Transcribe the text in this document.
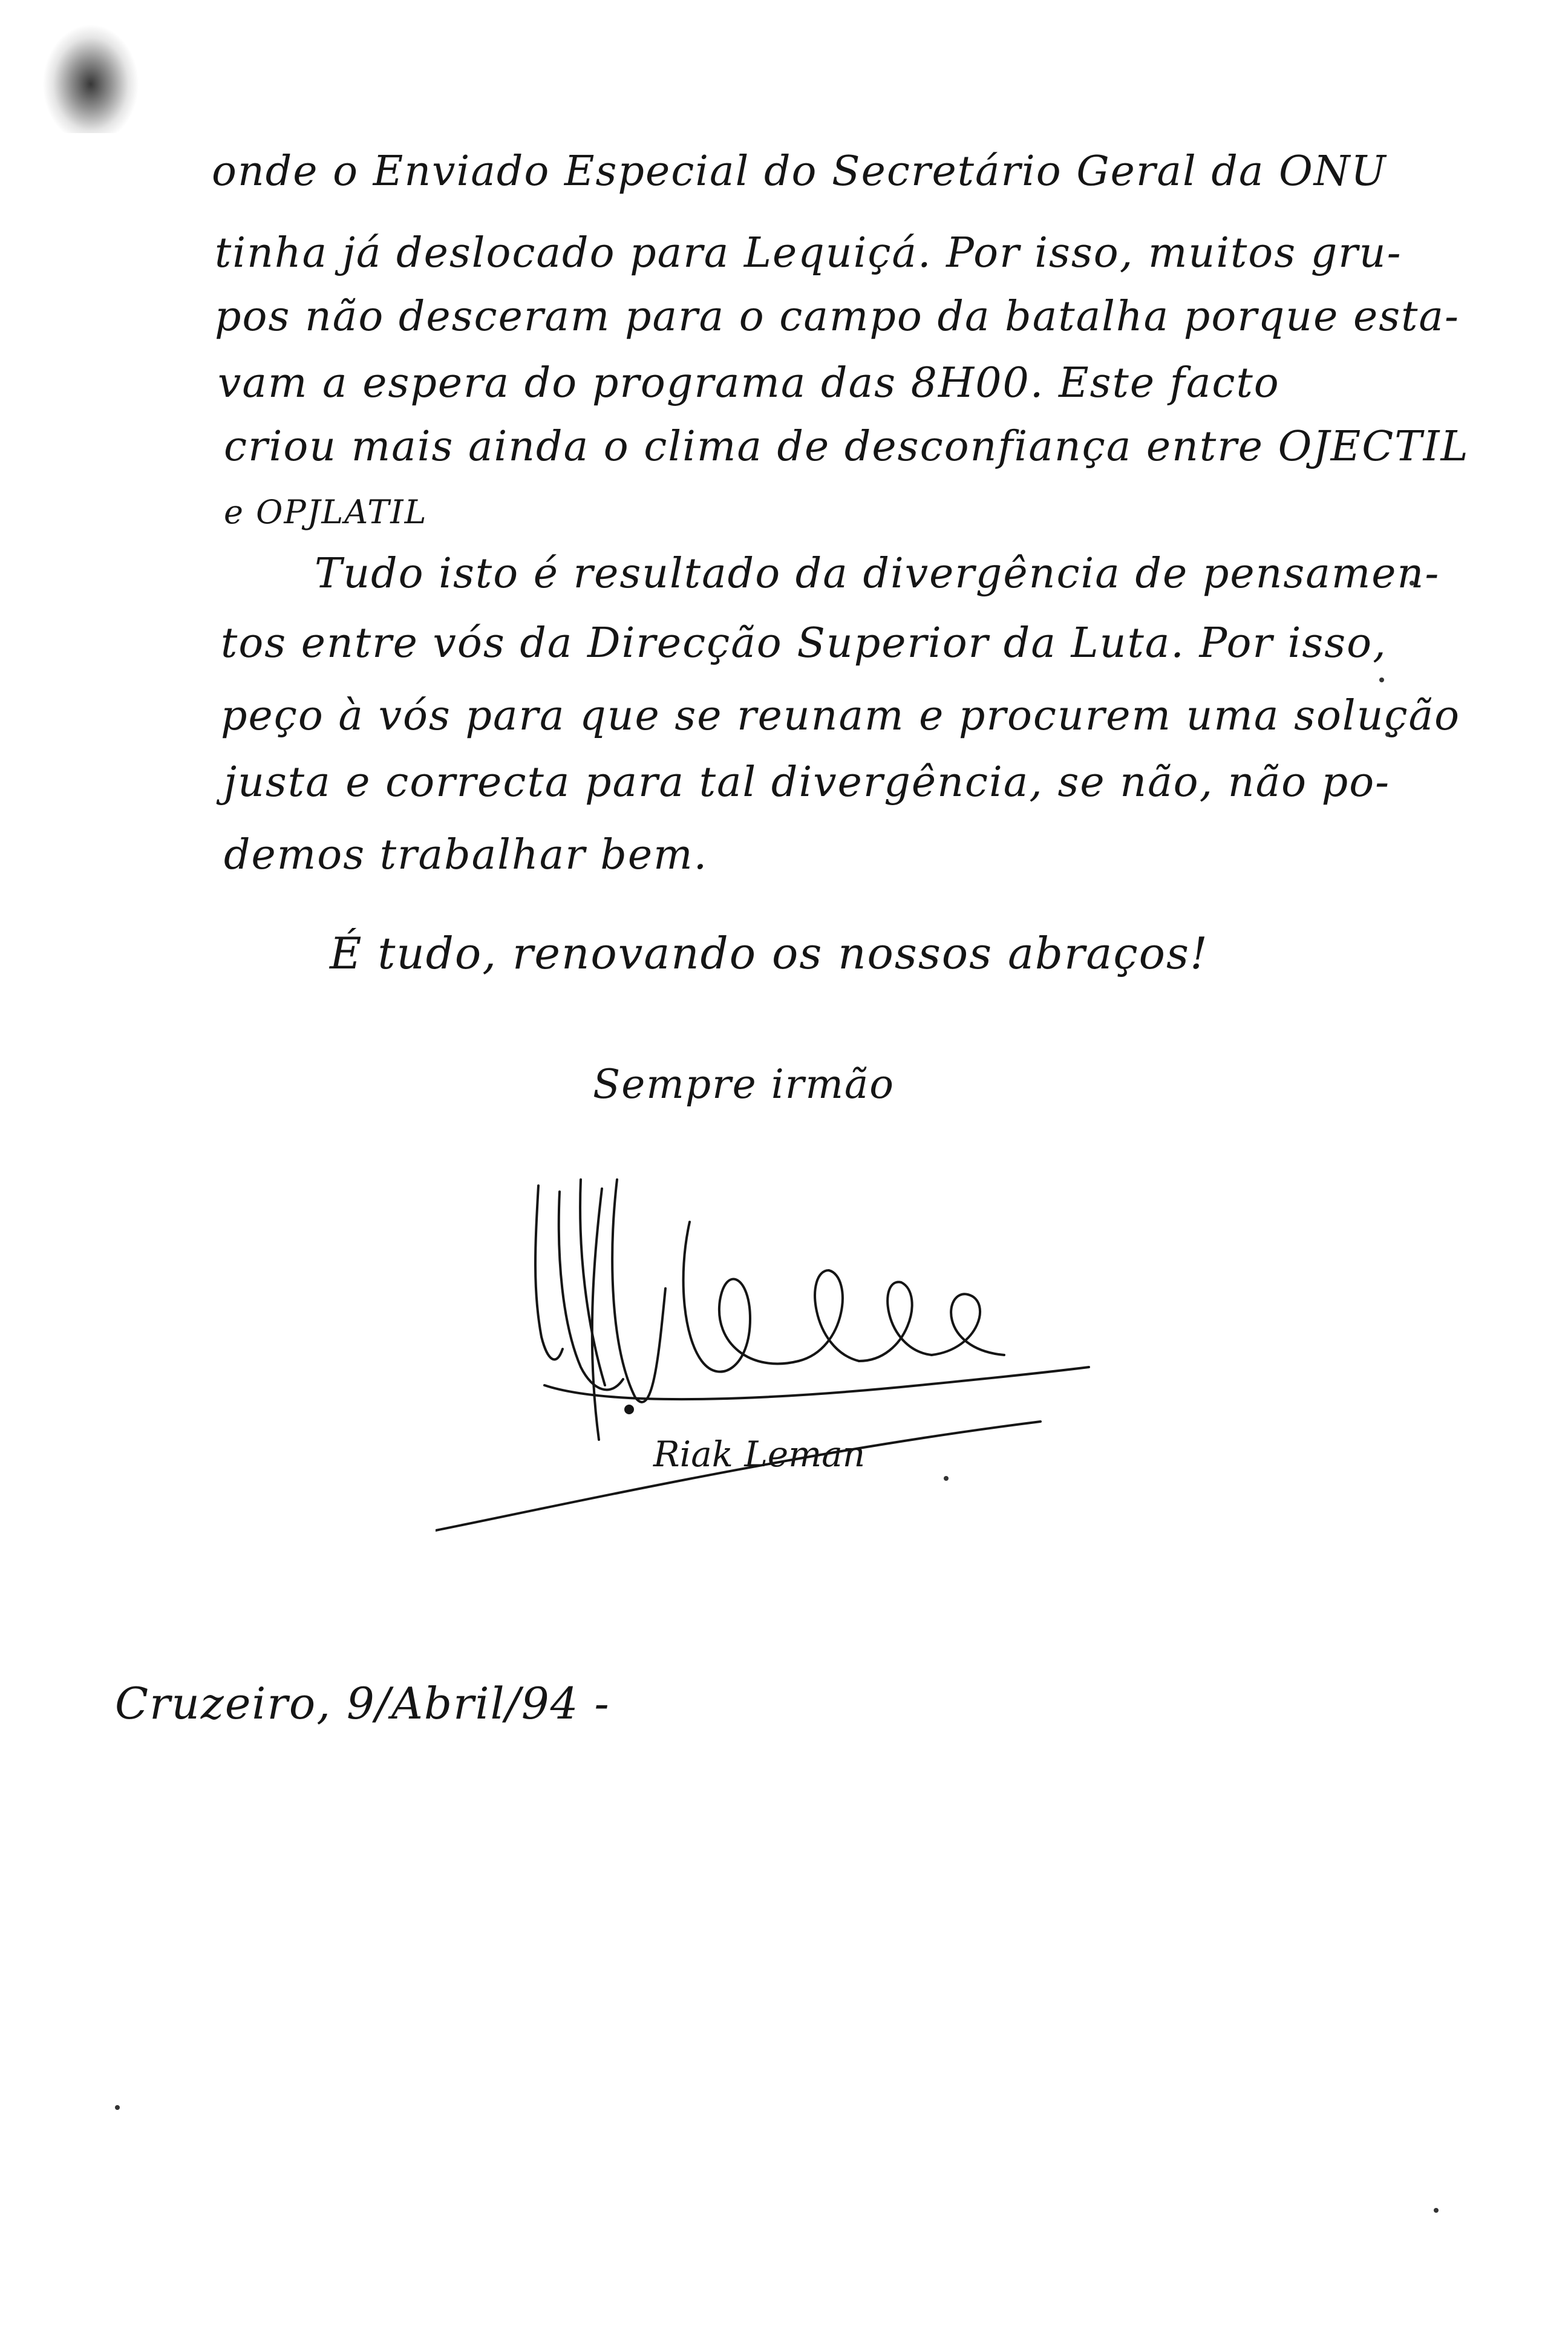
onde o Enviado Especial do Secretário Geral da ONU
tinha já deslocado para Lequiçá. Por isso, muitos gru-
pos não desceram para o campo da batalha porque esta-
vam a espera do programa das 8H00. Este facto
criou mais ainda o clima de desconfiança entre OJECTIL
e OPJLATIL
Tudo isto é resultado da divergência de pensamen-
tos entre vós da Direcção Superior da Luta. Por isso,
peço à vós para que se reunam e procurem uma solução
justa e correcta para tal divergência, se não, não po-
demos trabalhar bem.
É tudo, renovando os nossos abraços!
Sempre irmão
Riak Leman
Cruzeiro, 9/Abril/94 -
